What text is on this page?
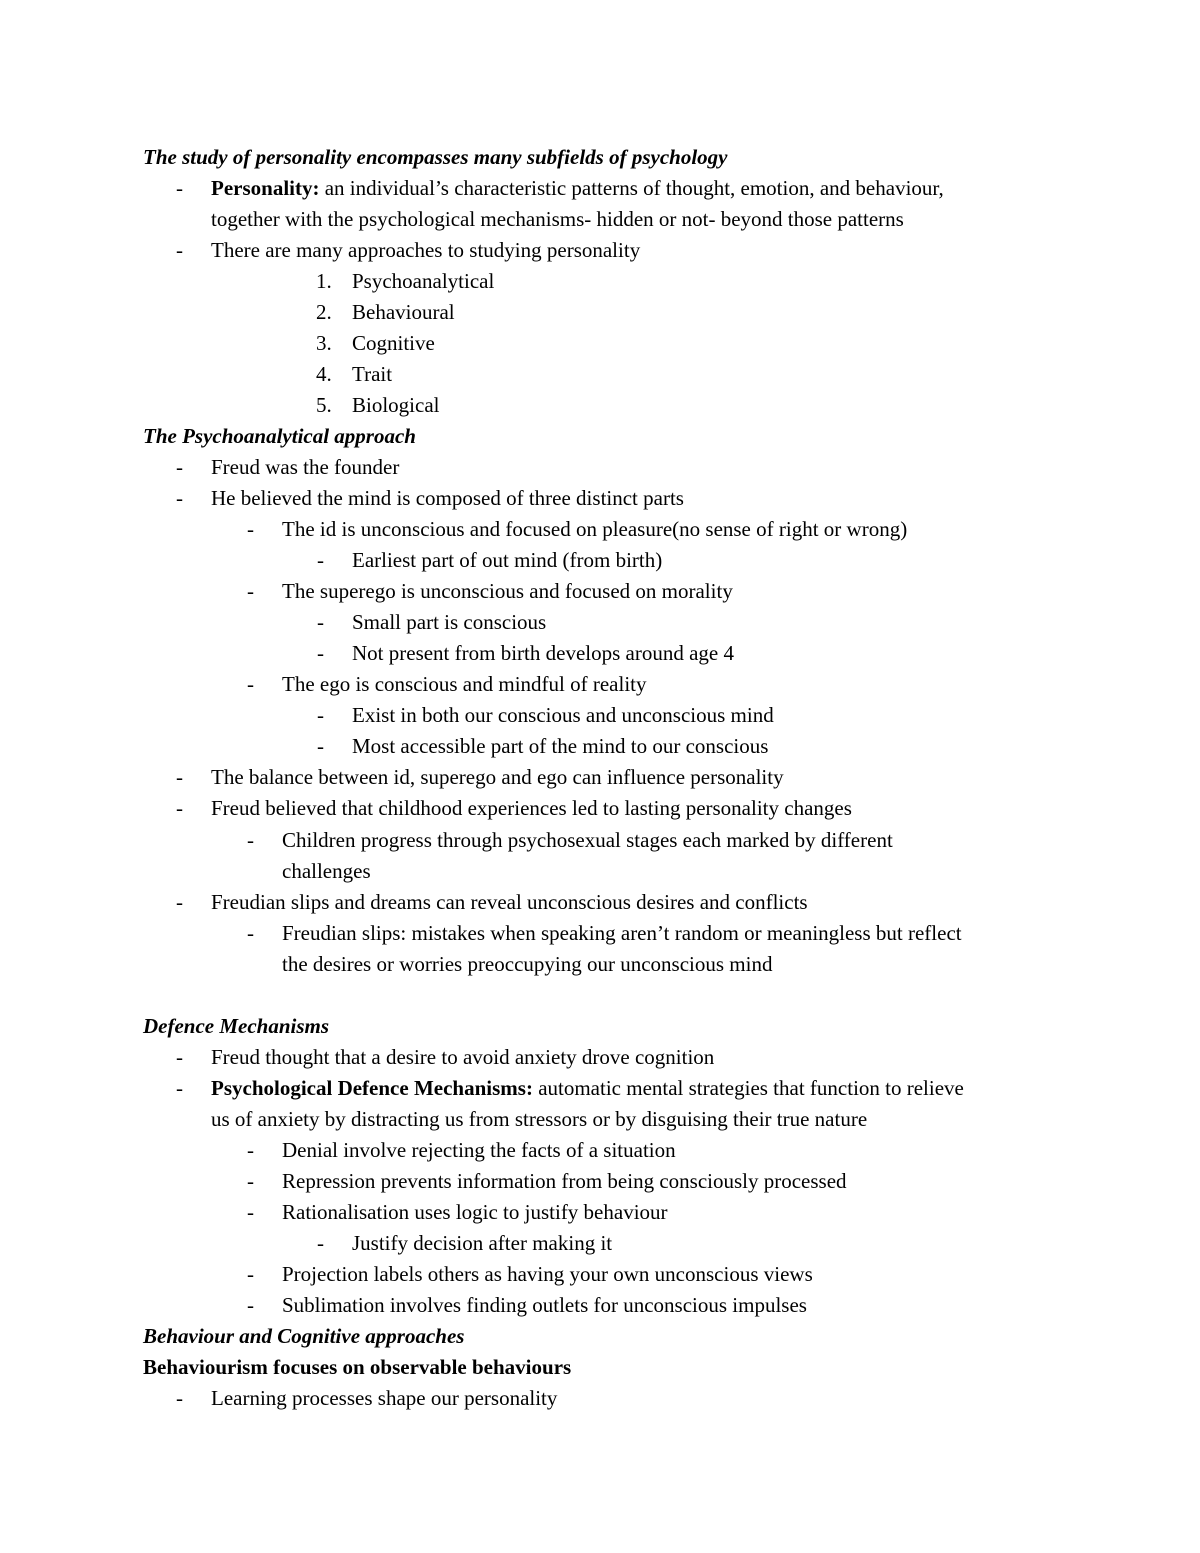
The study of personality encompasses many subfields of psychology
- Personality: an individual’s characteristic patterns of thought, emotion, and behaviour,
together with the psychological mechanisms- hidden or not- beyond those patterns
- There are many approaches to studying personality
1. Psychoanalytical
2. Behavioural
3. Cognitive
4. Trait
5. Biological
The Psychoanalytical approach
- Freud was the founder
- He believed the mind is composed of three distinct parts
- The id is unconscious and focused on pleasure(no sense of right or wrong)
- Earliest part of out mind (from birth)
- The superego is unconscious and focused on morality
- Small part is conscious
- Not present from birth develops around age 4
- The ego is conscious and mindful of reality
- Exist in both our conscious and unconscious mind
- Most accessible part of the mind to our conscious
- The balance between id, superego and ego can influence personality
- Freud believed that childhood experiences led to lasting personality changes
- Children progress through psychosexual stages each marked by different
challenges
- Freudian slips and dreams can reveal unconscious desires and conflicts
- Freudian slips: mistakes when speaking aren’t random or meaningless but reflect
the desires or worries preoccupying our unconscious mind
Defence Mechanisms
- Freud thought that a desire to avoid anxiety drove cognition
- Psychological Defence Mechanisms: automatic mental strategies that function to relieve
us of anxiety by distracting us from stressors or by disguising their true nature
- Denial involve rejecting the facts of a situation
- Repression prevents information from being consciously processed
- Rationalisation uses logic to justify behaviour
- Justify decision after making it
- Projection labels others as having your own unconscious views
- Sublimation involves finding outlets for unconscious impulses
Behaviour and Cognitive approaches
Behaviourism focuses on observable behaviours
- Learning processes shape our personality
